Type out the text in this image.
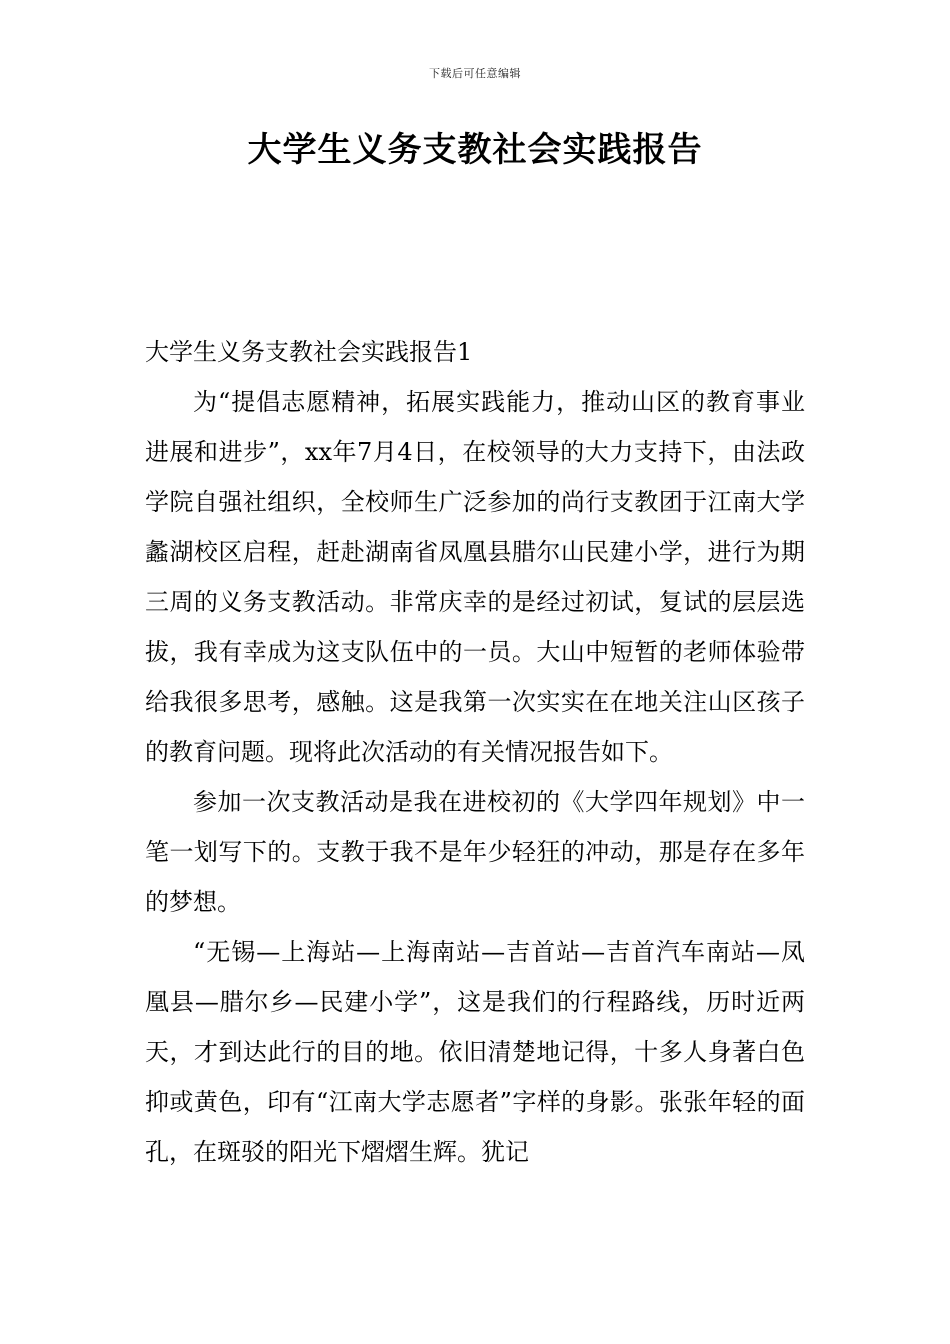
下载后可任意编辑
大学生义务支教社会实践报告

大学生义务支教社会实践报告1

为“提倡志愿精神，拓展实践能力，推动山区的教育事业进展和进步”，xx年7月4日，在校领导的大力支持下，由法政学院自强社组织，全校师生广泛参加的尚行支教团于江南大学蠡湖校区启程，赶赴湖南省凤凰县腊尔山民建小学，进行为期三周的义务支教活动。非常庆幸的是经过初试，复试的层层选拔，我有幸成为这支队伍中的一员。大山中短暂的老师体验带给我很多思考，感触。这是我第一次实实在在地关注山区孩子的教育问题。现将此次活动的有关情况报告如下。

参加一次支教活动是我在进校初的《大学四年规划》中一笔一划写下的。支教于我不是年少轻狂的冲动，那是存在多年的梦想。

“无锡—上海站—上海南站—吉首站—吉首汽车南站—凤凰县—腊尔乡—民建小学”，这是我们的行程路线，历时近两天，才到达此行的目的地。依旧清楚地记得，十多人身著白色抑或黄色，印有“江南大学志愿者”字样的身影。张张年轻的面孔，在斑驳的阳光下熠熠生辉。犹记
